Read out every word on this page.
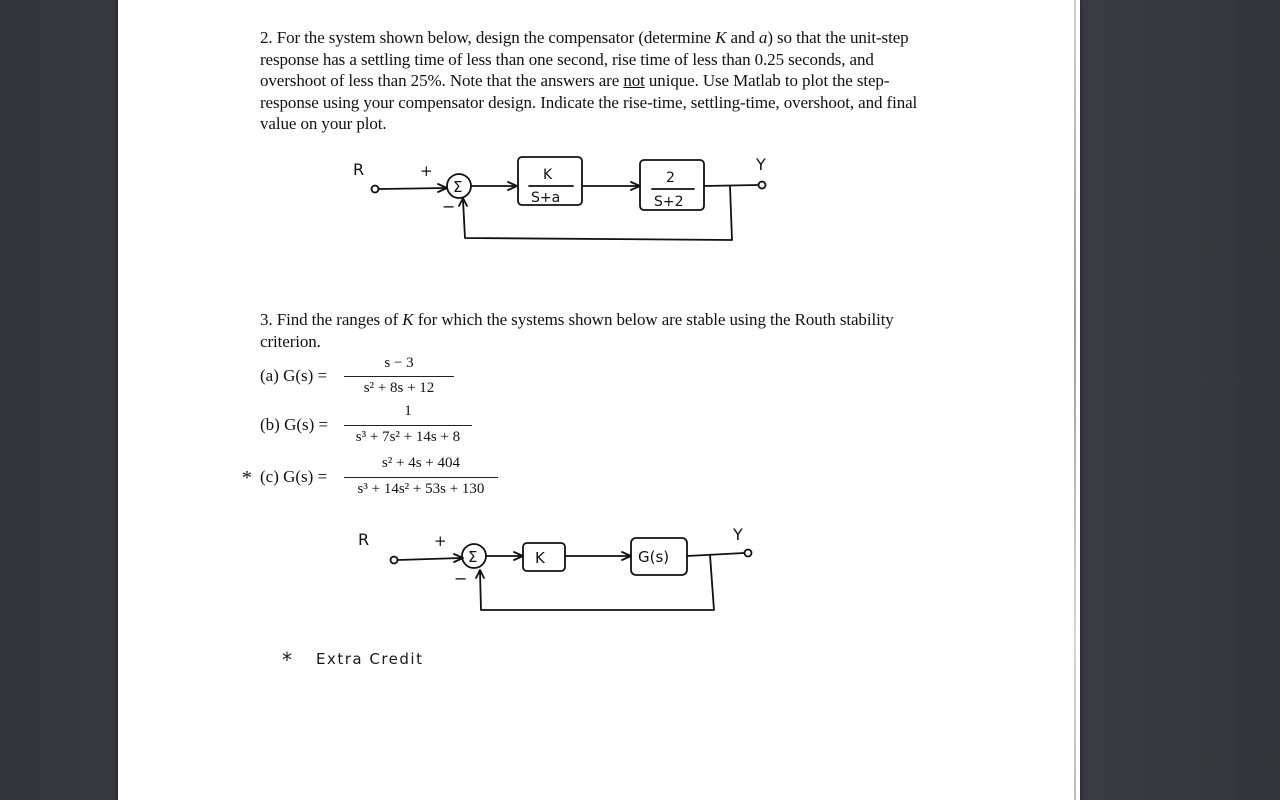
2. For the system shown below, design the compensator (determine K and a) so that the unit-step response has a settling time of less than one second, rise time of less than 0.25 seconds, and overshoot of less than 25%. Note that the answers are not unique. Use Matlab to plot the step-response using your compensator design. Indicate the rise-time, settling-time, overshoot, and final value on your plot.
R	+
Σ
−
K
S+a
2
S+2
Y
3. Find the ranges of K for which the systems shown below are stable using the Routh stability criterion.
(a) G(s) =
s − 3
s² + 8s + 12
(b) G(s) =
1
s³ + 7s² + 14s + 8
* (c) G(s) =
s² + 4s + 404
s³ + 14s² + 53s + 130
R	+
Σ
−
K	G(s)
Y
* Extra Credit
